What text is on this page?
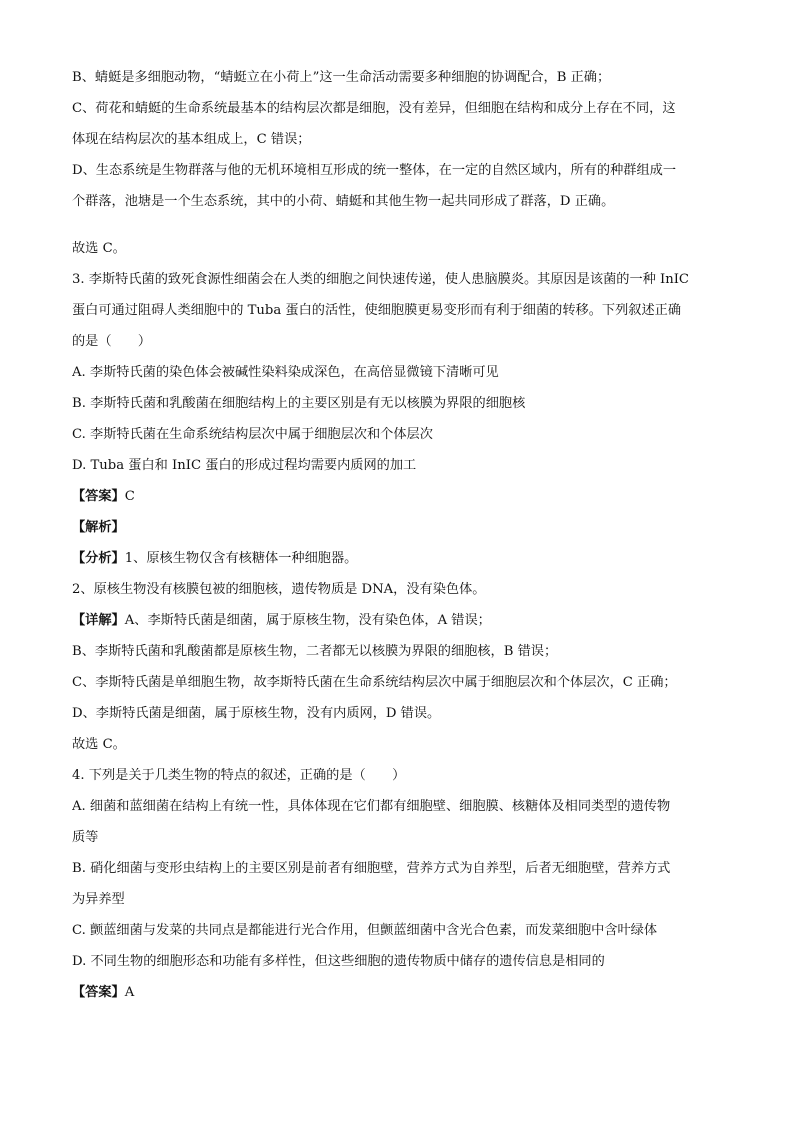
B、蜻蜓是多细胞动物，“蜻蜓立在小荷上”这一生命活动需要多种细胞的协调配合，B 正确；
C、荷花和蜻蜓的生命系统最基本的结构层次都是细胞，没有差异，但细胞在结构和成分上存在不同，这
体现在结构层次的基本组成上，C 错误；
D、生态系统是生物群落与他的无机环境相互形成的统一整体，在一定的自然区域内，所有的种群组成一
个群落，池塘是一个生态系统，其中的小荷、蜻蜓和其他生物一起共同形成了群落，D 正确。
故选 C。
3. 李斯特氏菌的致死食源性细菌会在人类的细胞之间快速传递，使人患脑膜炎。其原因是该菌的一种 InIC
蛋白可通过阻碍人类细胞中的 Tuba 蛋白的活性，使细胞膜更易变形而有利于细菌的转移。下列叙述正确
的是（　　）
A. 李斯特氏菌的染色体会被碱性染料染成深色，在高倍显微镜下清晰可见
B. 李斯特氏菌和乳酸菌在细胞结构上的主要区别是有无以核膜为界限的细胞核
C. 李斯特氏菌在生命系统结构层次中属于细胞层次和个体层次
D. Tuba 蛋白和 InIC 蛋白的形成过程均需要内质网的加工
【答案】C
【解析】
【分析】1、原核生物仅含有核糖体一种细胞器。
2、原核生物没有核膜包被的细胞核，遗传物质是 DNA，没有染色体。
【详解】A、李斯特氏菌是细菌，属于原核生物，没有染色体，A 错误；
B、李斯特氏菌和乳酸菌都是原核生物，二者都无以核膜为界限的细胞核，B 错误；
C、李斯特氏菌是单细胞生物，故李斯特氏菌在生命系统结构层次中属于细胞层次和个体层次，C 正确；
D、李斯特氏菌是细菌，属于原核生物，没有内质网，D 错误。
故选 C。
4. 下列是关于几类生物的特点的叙述，正确的是（　　）
A. 细菌和蓝细菌在结构上有统一性，具体体现在它们都有细胞壁、细胞膜、核糖体及相同类型的遗传物
质等
B. 硝化细菌与变形虫结构上的主要区别是前者有细胞壁，营养方式为自养型，后者无细胞壁，营养方式
为异养型
C. 颤蓝细菌与发菜的共同点是都能进行光合作用，但颤蓝细菌中含光合色素，而发菜细胞中含叶绿体
D. 不同生物的细胞形态和功能有多样性，但这些细胞的遗传物质中储存的遗传信息是相同的
【答案】A
